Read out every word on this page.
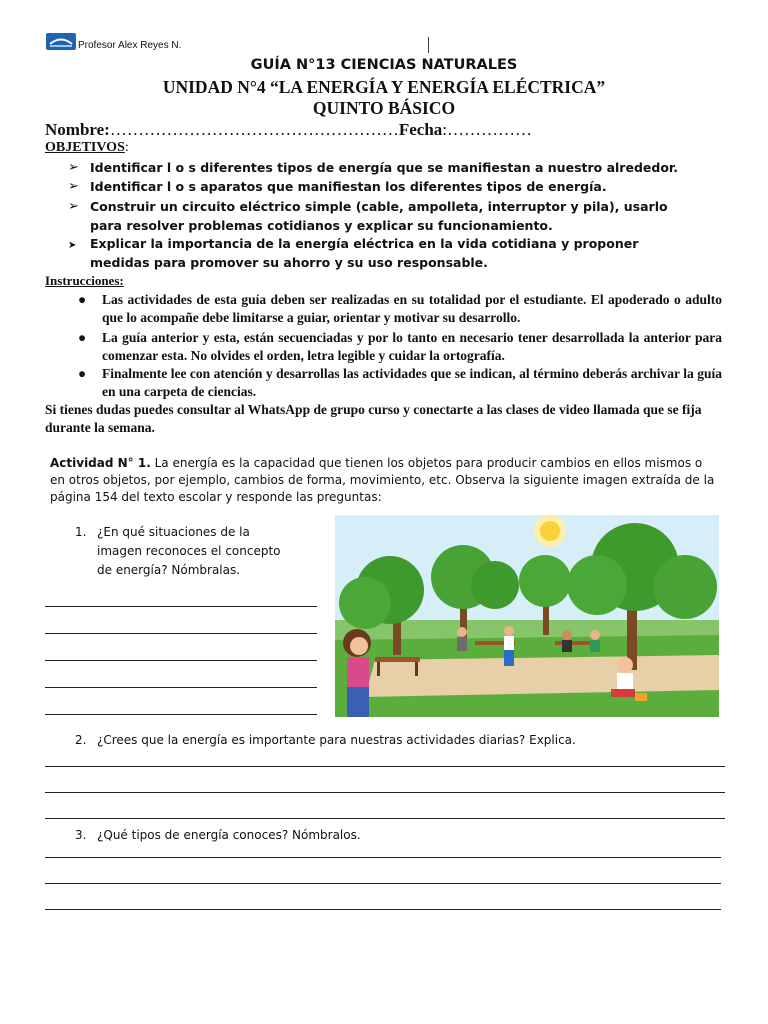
Profesor Alex Reyes N.
GUÍA N°13 CIENCIAS NATURALES
UNIDAD N°4 “LA ENERGÍA Y ENERGÍA ELÉCTRICA”
QUINTO BÁSICO
Nombre:……………………………………………Fecha:……………
OBJETIVOS:
➢ Identificar l o s diferentes tipos de energía que se manifiestan a nuestro alrededor.
➢ Identificar l o s aparatos que manifiestan los diferentes tipos de energía.
➢ Construir un circuito eléctrico simple (cable, ampolleta, interruptor y pila), usarlo para resolver problemas cotidianos y explicar su funcionamiento.
➤ Explicar la importancia de la energía eléctrica en la vida cotidiana y proponer medidas para promover su ahorro y su uso responsable.
Instrucciones:
● Las actividades de esta guía deben ser realizadas en su totalidad por el estudiante. El apoderado o adulto que lo acompañe debe limitarse a guiar, orientar y motivar su desarrollo.
● La guía anterior y esta, están secuenciadas y por lo tanto en necesario tener desarrollada la anterior para comenzar esta. No olvides el orden, letra legible y cuidar la ortografía.
● Finalmente lee con atención y desarrollas las actividades que se indican, al término deberás archivar la guía en una carpeta de ciencias.
Si tienes dudas puedes consultar al WhatsApp de grupo curso y conectarte a las clases de video llamada que se fija durante la semana.
Actividad N° 1. La energía es la capacidad que tienen los objetos para producir cambios en ellos mismos o en otros objetos, por ejemplo, cambios de forma, movimiento, etc. Observa la siguiente imagen extraída de la página 154 del texto escolar y responde las preguntas:
1. ¿En qué situaciones de la imagen reconoces el concepto de energía? Nómbralas.
2. ¿Crees que la energía es importante para nuestras actividades diarias? Explica.
3. ¿Qué tipos de energía conoces? Nómbralos.
